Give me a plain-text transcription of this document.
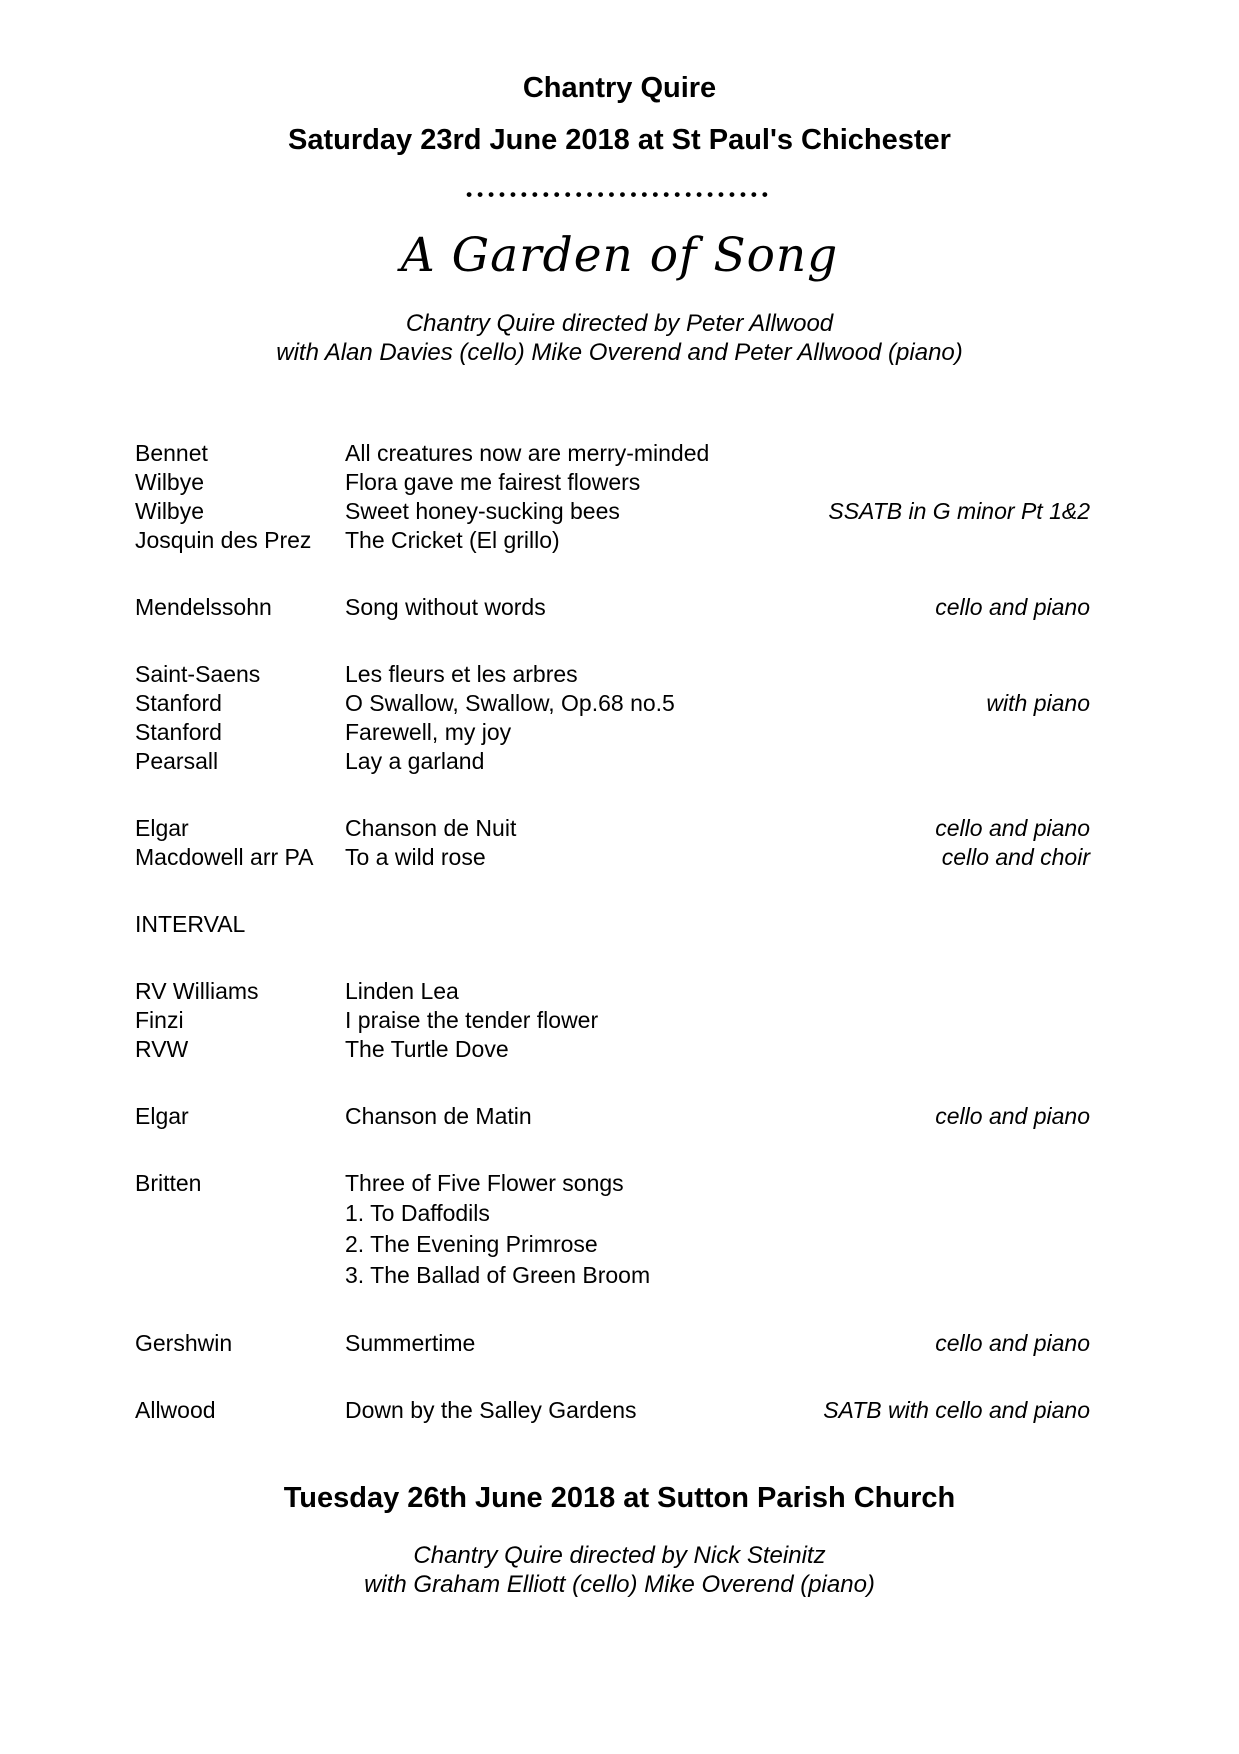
Chantry Quire
Saturday 23rd June 2018 at St Paul's Chichester
••••••••••••••••••••••••••••
A Garden of Song
Chantry Quire directed by Peter Allwood
with Alan Davies (cello) Mike Overend and Peter Allwood (piano)
Bennet	All creatures now are merry-minded
Wilbye	Flora gave me fairest flowers
Wilbye	Sweet honey-sucking bees	SSATB in G minor Pt 1&2
Josquin des Prez	The Cricket (El grillo)
Mendelssohn	Song without words	cello and piano
Saint-Saens	Les fleurs et les arbres
Stanford	O Swallow, Swallow, Op.68 no.5	with piano
Stanford	Farewell, my joy
Pearsall	Lay a garland
Elgar	Chanson de Nuit	cello and piano
Macdowell arr PA	To a wild rose	cello and choir
INTERVAL
RV Williams	Linden Lea
Finzi	I praise the tender flower
RVW	The Turtle Dove
Elgar	Chanson de Matin	cello and piano
Britten	Three of Five Flower songs
1. To Daffodils
2. The Evening Primrose
3. The Ballad of Green Broom
Gershwin	Summertime	cello and piano
Allwood	Down by the Salley Gardens	SATB with cello and piano
Tuesday 26th June 2018 at Sutton Parish Church
Chantry Quire directed by Nick Steinitz
with Graham Elliott (cello) Mike Overend (piano)
